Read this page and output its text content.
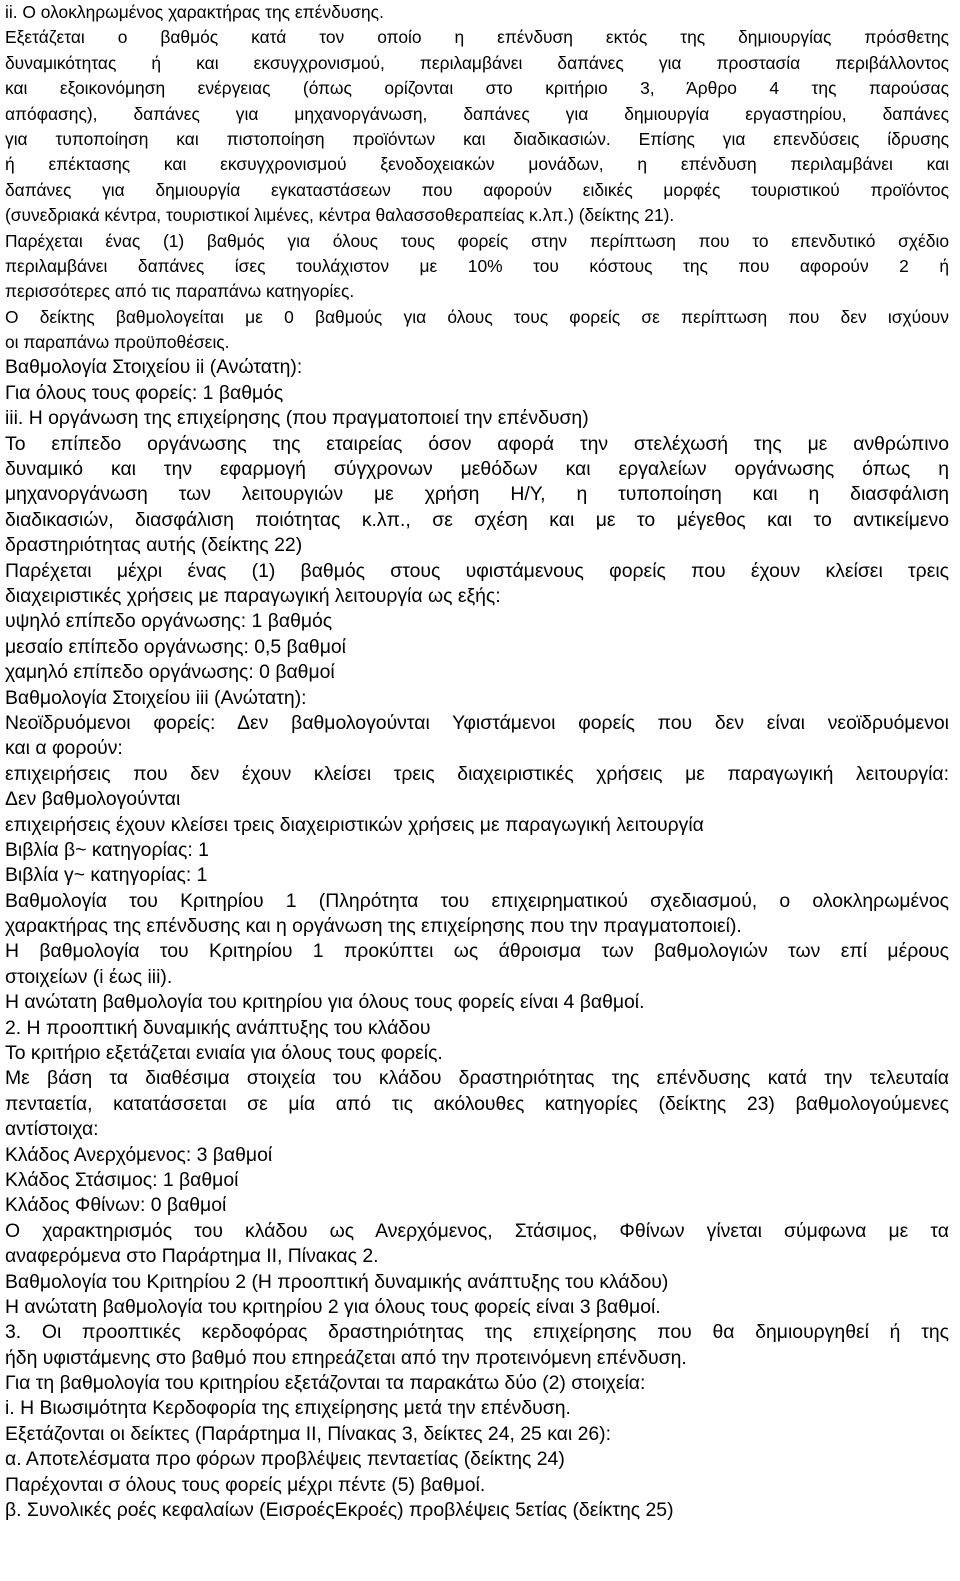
ii. Ο ολοκληρωμένος χαρακτήρας της επένδυσης.

Εξετάζεται ο βαθμός κατά τον οποίο η επένδυση εκτός της δημιουργίας πρόσθετης

δυναμικότητας ή και εκσυγχρονισμού, περιλαμβάνει δαπάνες για προστασία περιβάλλοντος

και εξοικονόμηση ενέργειας (όπως ορίζονται στο κριτήριο 3, Άρθρο 4 της παρούσας

απόφασης), δαπάνες για μηχανοργάνωση, δαπάνες για δημιουργία εργαστηρίου, δαπάνες

για τυποποίηση και πιστοποίηση προϊόντων και διαδικασιών. Επίσης για επενδύσεις ίδρυσης

ή επέκτασης και εκσυγχρονισμού ξενοδοχειακών μονάδων, η επένδυση περιλαμβάνει και

δαπάνες για δημιουργία εγκαταστάσεων που αφορούν ειδικές μορφές τουριστικού προϊόντος

(συνεδριακά κέντρα, τουριστικοί λιμένες, κέντρα θαλασσοθεραπείας κ.λπ.) (δείκτης 21).

Παρέχεται ένας (1) βαθμός για όλους τους φορείς στην περίπτωση που το επενδυτικό σχέδιο

περιλαμβάνει δαπάνες ίσες τουλάχιστον με 10% του κόστους της που αφορούν 2 ή

περισσότερες από τις παραπάνω κατηγορίες.

Ο δείκτης βαθμολογείται με 0 βαθμούς για όλους τους φορείς σε περίπτωση που δεν ισχύουν

οι παραπάνω προϋποθέσεις.

Βαθμολογία Στοιχείου ii (Ανώτατη):

Για όλους τους φορείς: 1 βαθμός

iii. Η οργάνωση της επιχείρησης (που πραγματοποιεί την επένδυση)

Το επίπεδο οργάνωσης της εταιρείας όσον αφορά την στελέχωσή της με ανθρώπινο

δυναμικό και την εφαρμογή σύγχρονων μεθόδων και εργαλείων οργάνωσης όπως η

μηχανοργάνωση των λειτουργιών με χρήση Η/Υ, η τυποποίηση και η διασφάλιση

διαδικασιών, διασφάλιση ποιότητας κ.λπ., σε σχέση και με το μέγεθος και το αντικείμενο

δραστηριότητας αυτής (δείκτης 22)

Παρέχεται μέχρι ένας (1) βαθμός στους υφιστάμενους φορείς που έχουν κλείσει τρεις

διαχειριστικές χρήσεις με παραγωγική λειτουργία ως εξής:

υψηλό επίπεδο οργάνωσης: 1 βαθμός

μεσαίο επίπεδο οργάνωσης: 0,5 βαθμοί

χαμηλό επίπεδο οργάνωσης: 0 βαθμοί

Βαθμολογία Στοιχείου iii (Ανώτατη):

Νεοϊδρυόμενοι φορείς: Δεν βαθμολογούνται Υφιστάμενοι φορείς που δεν είναι νεοϊδρυόμενοι

και α φορούν:

επιχειρήσεις που δεν έχουν κλείσει τρεις διαχειριστικές χρήσεις με παραγωγική λειτουργία:

Δεν βαθμολογούνται

επιχειρήσεις έχουν κλείσει τρεις διαχειριστικών χρήσεις με παραγωγική λειτουργία

Βιβλία β~ κατηγορίας: 1

Βιβλία γ~ κατηγορίας: 1

Βαθμολογία του Κριτηρίου 1 (Πληρότητα του επιχειρηματικού σχεδιασμού, ο ολοκληρωμένος

χαρακτήρας της επένδυσης και η οργάνωση της επιχείρησης που την πραγματοποιεί).

Η βαθμολογία του Κριτηρίου 1 προκύπτει ως άθροισμα των βαθμολογιών των επί μέρους

στοιχείων (i έως iii).

Η ανώτατη βαθμολογία του κριτηρίου για όλους τους φορείς είναι 4 βαθμοί.

2. Η προοπτική δυναμικής ανάπτυξης του κλάδου

Το κριτήριο εξετάζεται ενιαία για όλους τους φορείς.

Με βάση τα διαθέσιμα στοιχεία του κλάδου δραστηριότητας της επένδυσης κατά την τελευταία

πενταετία, κατατάσσεται σε μία από τις ακόλουθες κατηγορίες (δείκτης 23) βαθμολογούμενες

αντίστοιχα:

Κλάδος Ανερχόμενος: 3 βαθμοί

Κλάδος Στάσιμος: 1 βαθμοί

Κλάδος Φθίνων: 0 βαθμοί

Ο χαρακτηρισμός του κλάδου ως Ανερχόμενος, Στάσιμος, Φθίνων γίνεται σύμφωνα με τα

αναφερόμενα στο Παράρτημα ΙΙ, Πίνακας 2.

Βαθμολογία του Κριτηρίου 2 (Η προοπτική δυναμικής ανάπτυξης του κλάδου)

Η ανώτατη βαθμολογία του κριτηρίου 2 για όλους τους φορείς είναι 3 βαθμοί.

3. Οι προοπτικές κερδοφόρας δραστηριότητας της επιχείρησης που θα δημιουργηθεί ή της

ήδη υφιστάμενης στο βαθμό που επηρεάζεται από την προτεινόμενη επένδυση.

Για τη βαθμολογία του κριτηρίου εξετάζονται τα παρακάτω δύο (2) στοιχεία:

i. Η Βιωσιμότητα Κερδοφορία της επιχείρησης μετά την επένδυση.

Εξετάζονται οι δείκτες (Παράρτημα ΙΙ, Πίνακας 3, δείκτες 24, 25 και 26):

α. Αποτελέσματα προ φόρων προβλέψεις πενταετίας (δείκτης 24)

Παρέχονται σ όλους τους φορείς μέχρι πέντε (5) βαθμοί.

β. Συνολικές ροές κεφαλαίων (ΕισροέςΕκροές) προβλέψεις 5ετίας (δείκτης 25)
